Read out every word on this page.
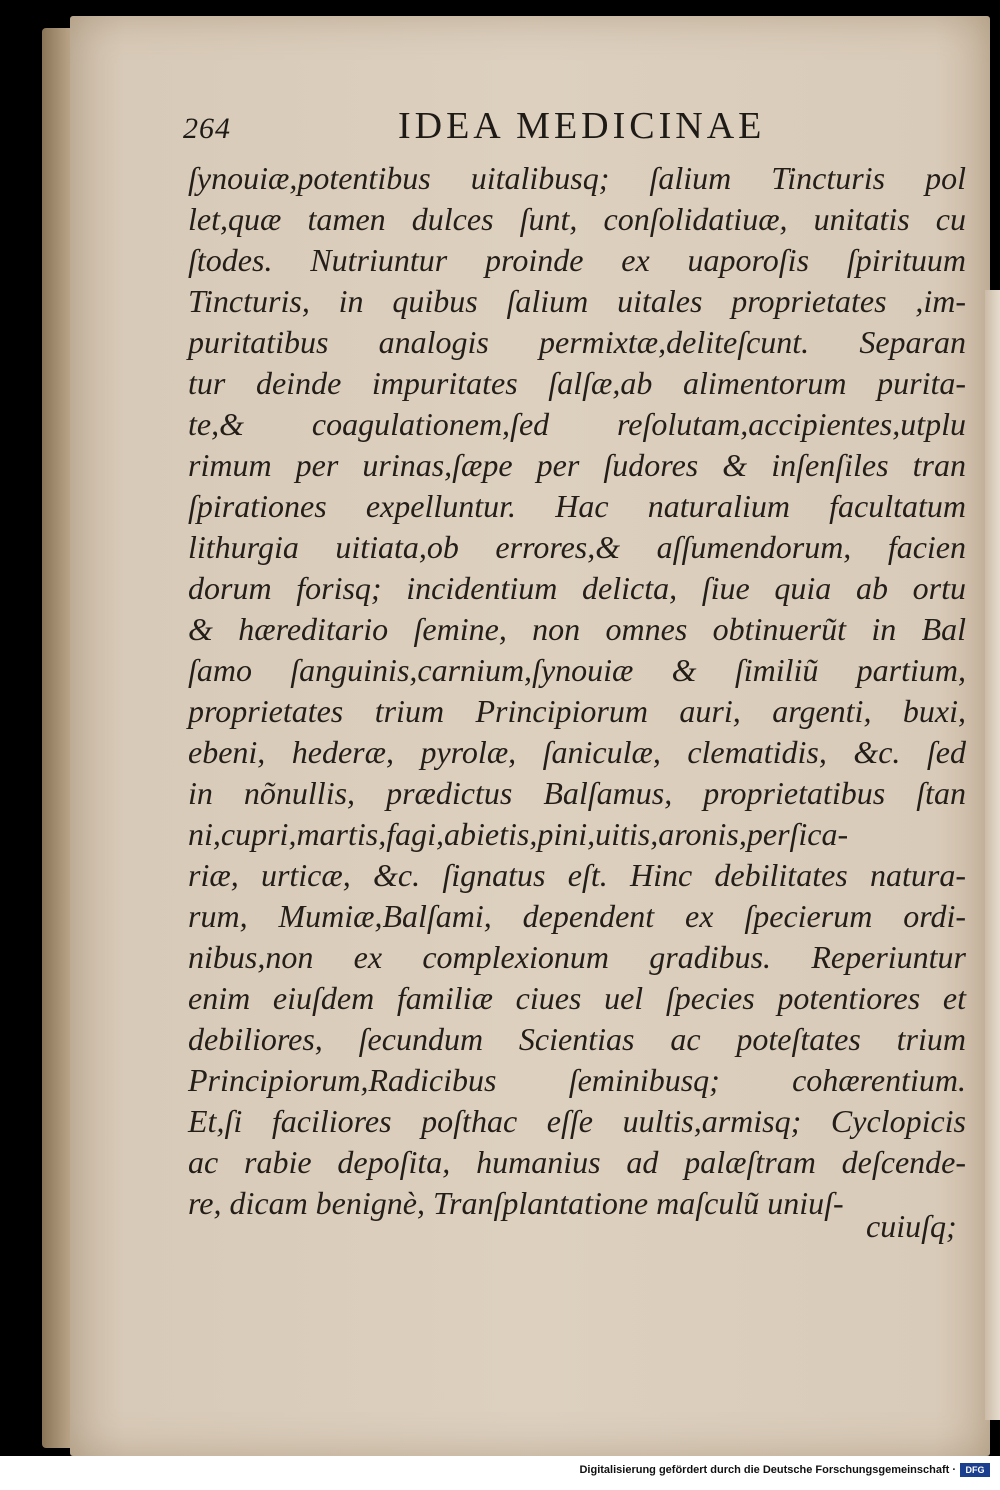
264	IDEA MEDICINAE
ſynouiæ,potentibus uitalibusq; ſalium Tincturis pol
let,quæ tamen dulces ſunt, conſolidatiuæ, unitatis cu
ſtodes. Nutriuntur proinde ex uaporoſis ſpirituum
Tincturis, in quibus ſalium uitales proprietates ,im-
puritatibus analogis permixtæ,deliteſcunt. Separan
tur deinde impuritates ſalſæ,ab alimentorum purita-
te,& coagulationem,ſed reſolutam,accipientes,utplu
rimum per urinas,ſæpe per ſudores & inſenſiles tran
ſpirationes expelluntur. Hac naturalium facultatum
lithurgia uitiata,ob errores,& aſſumendorum, facien
dorum forisq; incidentium delicta, ſiue quia ab ortu
& hæreditario ſemine, non omnes obtinuerũt in Bal
ſamo ſanguinis,carnium,ſynouiæ & ſimiliũ partium,
proprietates trium Principiorum auri, argenti, buxi,
ebeni, hederæ, pyrolæ, ſaniculæ, clematidis, &c. ſed
in nõnullis, prædictus Balſamus, proprietatibus ſtan
ni,cupri,martis,fagi,abietis,pini,uitis,aronis,perſica-
riæ, urticæ, &c. ſignatus eſt. Hinc debilitates natura-
rum, Mumiæ,Balſami, dependent ex ſpecierum ordi-
nibus,non ex complexionum gradibus. Reperiuntur
enim eiuſdem familiæ ciues uel ſpecies potentiores et
debiliores, ſecundum Scientias ac poteſtates trium
Principiorum,Radicibus ſeminibusq; cohærentium.
Et,ſi faciliores poſthac eſſe uultis,armisq; Cyclopicis
ac rabie depoſita, humanius ad palæſtram deſcende-
re, dicam benignè, Tranſplantatione maſculũ uniuſ-
cuiuſq;
Digitalisierung gefördert durch die Deutsche Forschungsgemeinschaft ·	DFG
